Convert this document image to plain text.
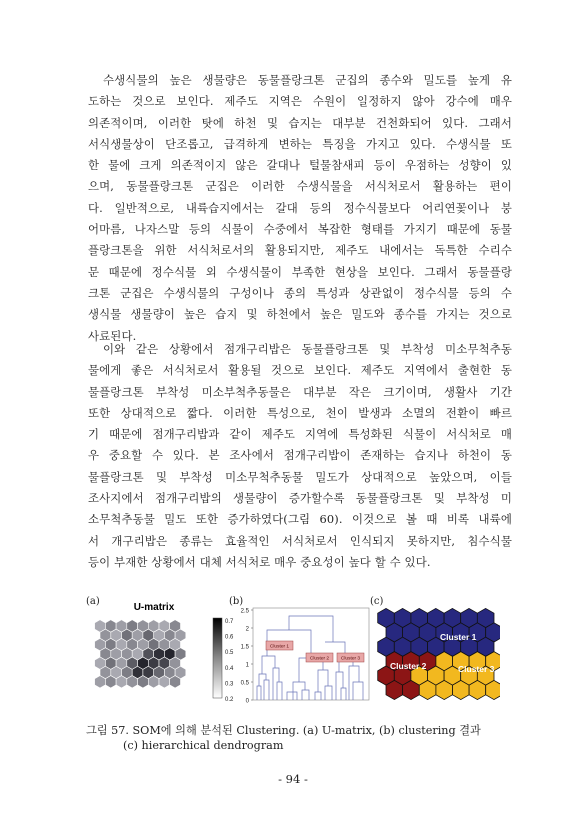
수생식물의 높은 생물량은 동물플랑크톤 군집의 종수와 밀도를 높게 유
도하는 것으로 보인다. 제주도 지역은 수원이 일정하지 않아 강수에 매우
의존적이며, 이러한 탓에 하천 및 습지는 대부분 건천화되어 있다. 그래서
서식생물상이 단조롭고, 급격하게 변하는 특징을 가지고 있다. 수생식물 또
한 물에 크게 의존적이지 않은 갈대나 털물참새피 등이 우점하는 성향이 있
으며, 동물플랑크톤 군집은 이러한 수생식물을 서식처로서 활용하는 편이
다. 일반적으로, 내륙습지에서는 갈대 등의 정수식물보다 어리연꽃이나 붕
어마름, 나자스말 등의 식물이 수중에서 복잡한 형태를 가지기 때문에 동물
플랑크톤을 위한 서식처로서의 활용되지만, 제주도 내에서는 독특한 수리수
문 때문에 정수식물 외 수생식물이 부족한 현상을 보인다. 그래서 동물플랑
크톤 군집은 수생식물의 구성이나 종의 특성과 상관없이 정수식물 등의 수
생식물 생물량이 높은 습지 및 하천에서 높은 밀도와 종수를 가지는 것으로
사료된다.
이와 같은 상황에서 점개구리밥은 동물플랑크톤 및 부착성 미소무척추동
물에게 좋은 서식처로서 활용될 것으로 보인다. 제주도 지역에서 출현한 동
물플랑크톤 부착성 미소부척추동물은 대부분 작은 크기이며, 생활사 기간
또한 상대적으로 짧다. 이러한 특성으로, 천이 발생과 소멸의 전환이 빠르
기 때문에 점개구리밥과 같이 제주도 지역에 특성화된 식물이 서식처로 매
우 중요할 수 있다. 본 조사에서 점개구리밥이 존재하는 습지나 하천이 동
물플랑크톤 및 부착성 미소무척추동물 밀도가 상대적으로 높았으며, 이들
조사지에서 점개구리밥의 생물량이 증가할수록 동물플랑크톤 및 부착성 미
소무척추동물 밀도 또한 증가하였다(그림 60). 이것으로 볼 때 비록 내륙에
서 개구리밥은 종류는 효율적인 서식처로서 인식되지 못하지만, 침수식물
등이 부재한 상황에서 대체 서식처로 매우 중요성이 높다 할 수 있다.
(a)
U-matrix
0.7
0.6
0.5
0.4
0.3
0.2
(b)
2.5
2
1.5
1
0.5
0
Cluster 1
Cluster 2 Cluster 3
(c)
Cluster 1
Cluster 2	Cluster 3
그림 57. SOM에 의해 분석된 Clustering. (a) U-matrix, (b) clustering 결과
(c) hierarchical dendrogram
- 94 -
